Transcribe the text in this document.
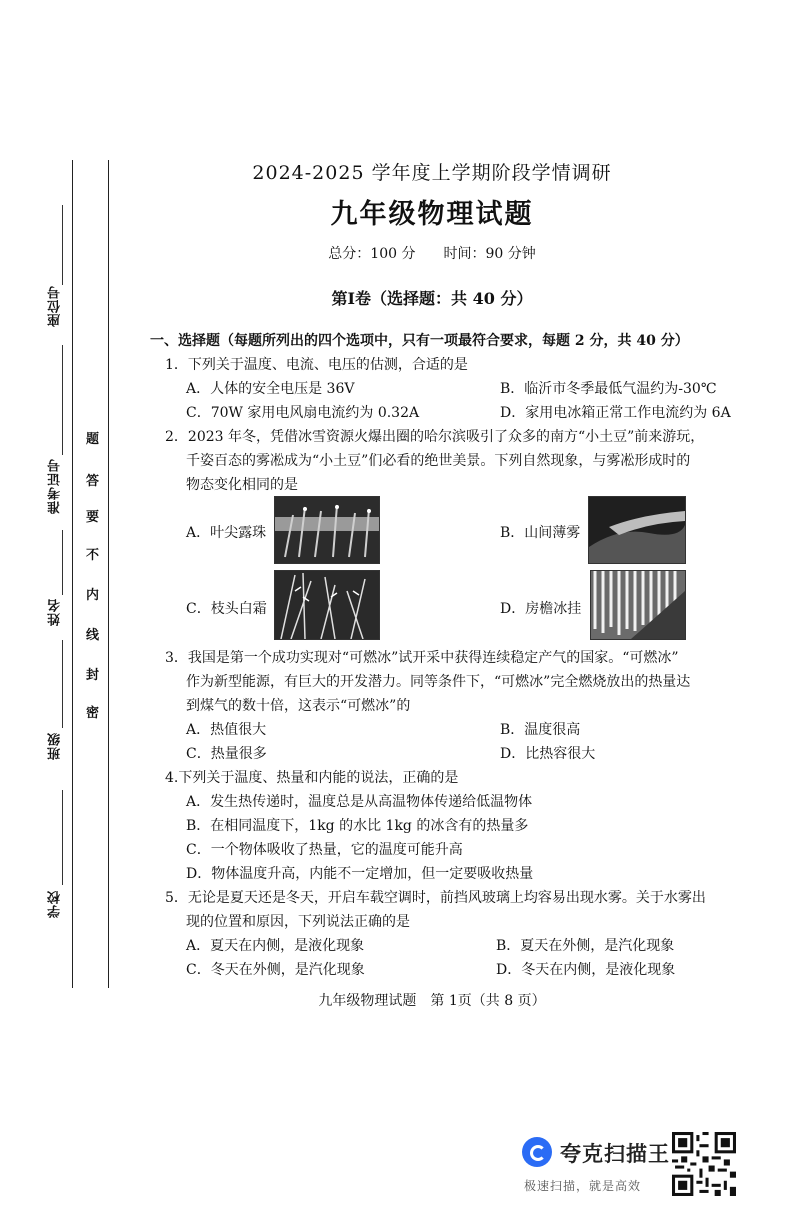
座位号
准考证号
姓名
班级
学校
题
答
要
不
内
线
封
密
2024-2025 学年度上学期阶段学情调研
九年级物理试题
总分：100 分　　时间：90 分钟
第Ⅰ卷（选择题：共 40 分）
一、选择题（每题所列出的四个选项中，只有一项最符合要求，每题 2 分，共 40 分）
1．下列关于温度、电流、电压的估测，合适的是
A．人体的安全电压是 36V	B．临沂市冬季最低气温约为-30℃
C．70W 家用电风扇电流约为 0.32A	D．家用电冰箱正常工作电流约为 6A
2．2023 年冬，凭借冰雪资源火爆出圈的哈尔滨吸引了众多的南方“小土豆”前来游玩，
千姿百态的雾凇成为“小土豆”们必看的绝世美景。下列自然现象，与雾凇形成时的
物态变化相同的是
A．叶尖露珠	B．山间薄雾
C．枝头白霜	D．房檐冰挂
3．我国是第一个成功实现对“可燃冰”试开采中获得连续稳定产气的国家。“可燃冰”
作为新型能源，有巨大的开发潜力。同等条件下，“可燃冰”完全燃烧放出的热量达
到煤气的数十倍，这表示“可燃冰”的
A．热值很大	B．温度很高
C．热量很多	D．比热容很大
4.下列关于温度、热量和内能的说法，正确的是
A．发生热传递时，温度总是从高温物体传递给低温物体
B．在相同温度下，1kg 的水比 1kg 的冰含有的热量多
C．一个物体吸收了热量，它的温度可能升高
D．物体温度升高，内能不一定增加，但一定要吸收热量
5．无论是夏天还是冬天，开启车载空调时，前挡风玻璃上均容易出现水雾。关于水雾出
现的位置和原因，下列说法正确的是
A．夏天在内侧，是液化现象	B．夏天在外侧，是汽化现象
C．冬天在外侧，是汽化现象	D．冬天在内侧，是液化现象
九年级物理试题　第 1页（共 8 页）
夸克扫描王
极速扫描，就是高效
